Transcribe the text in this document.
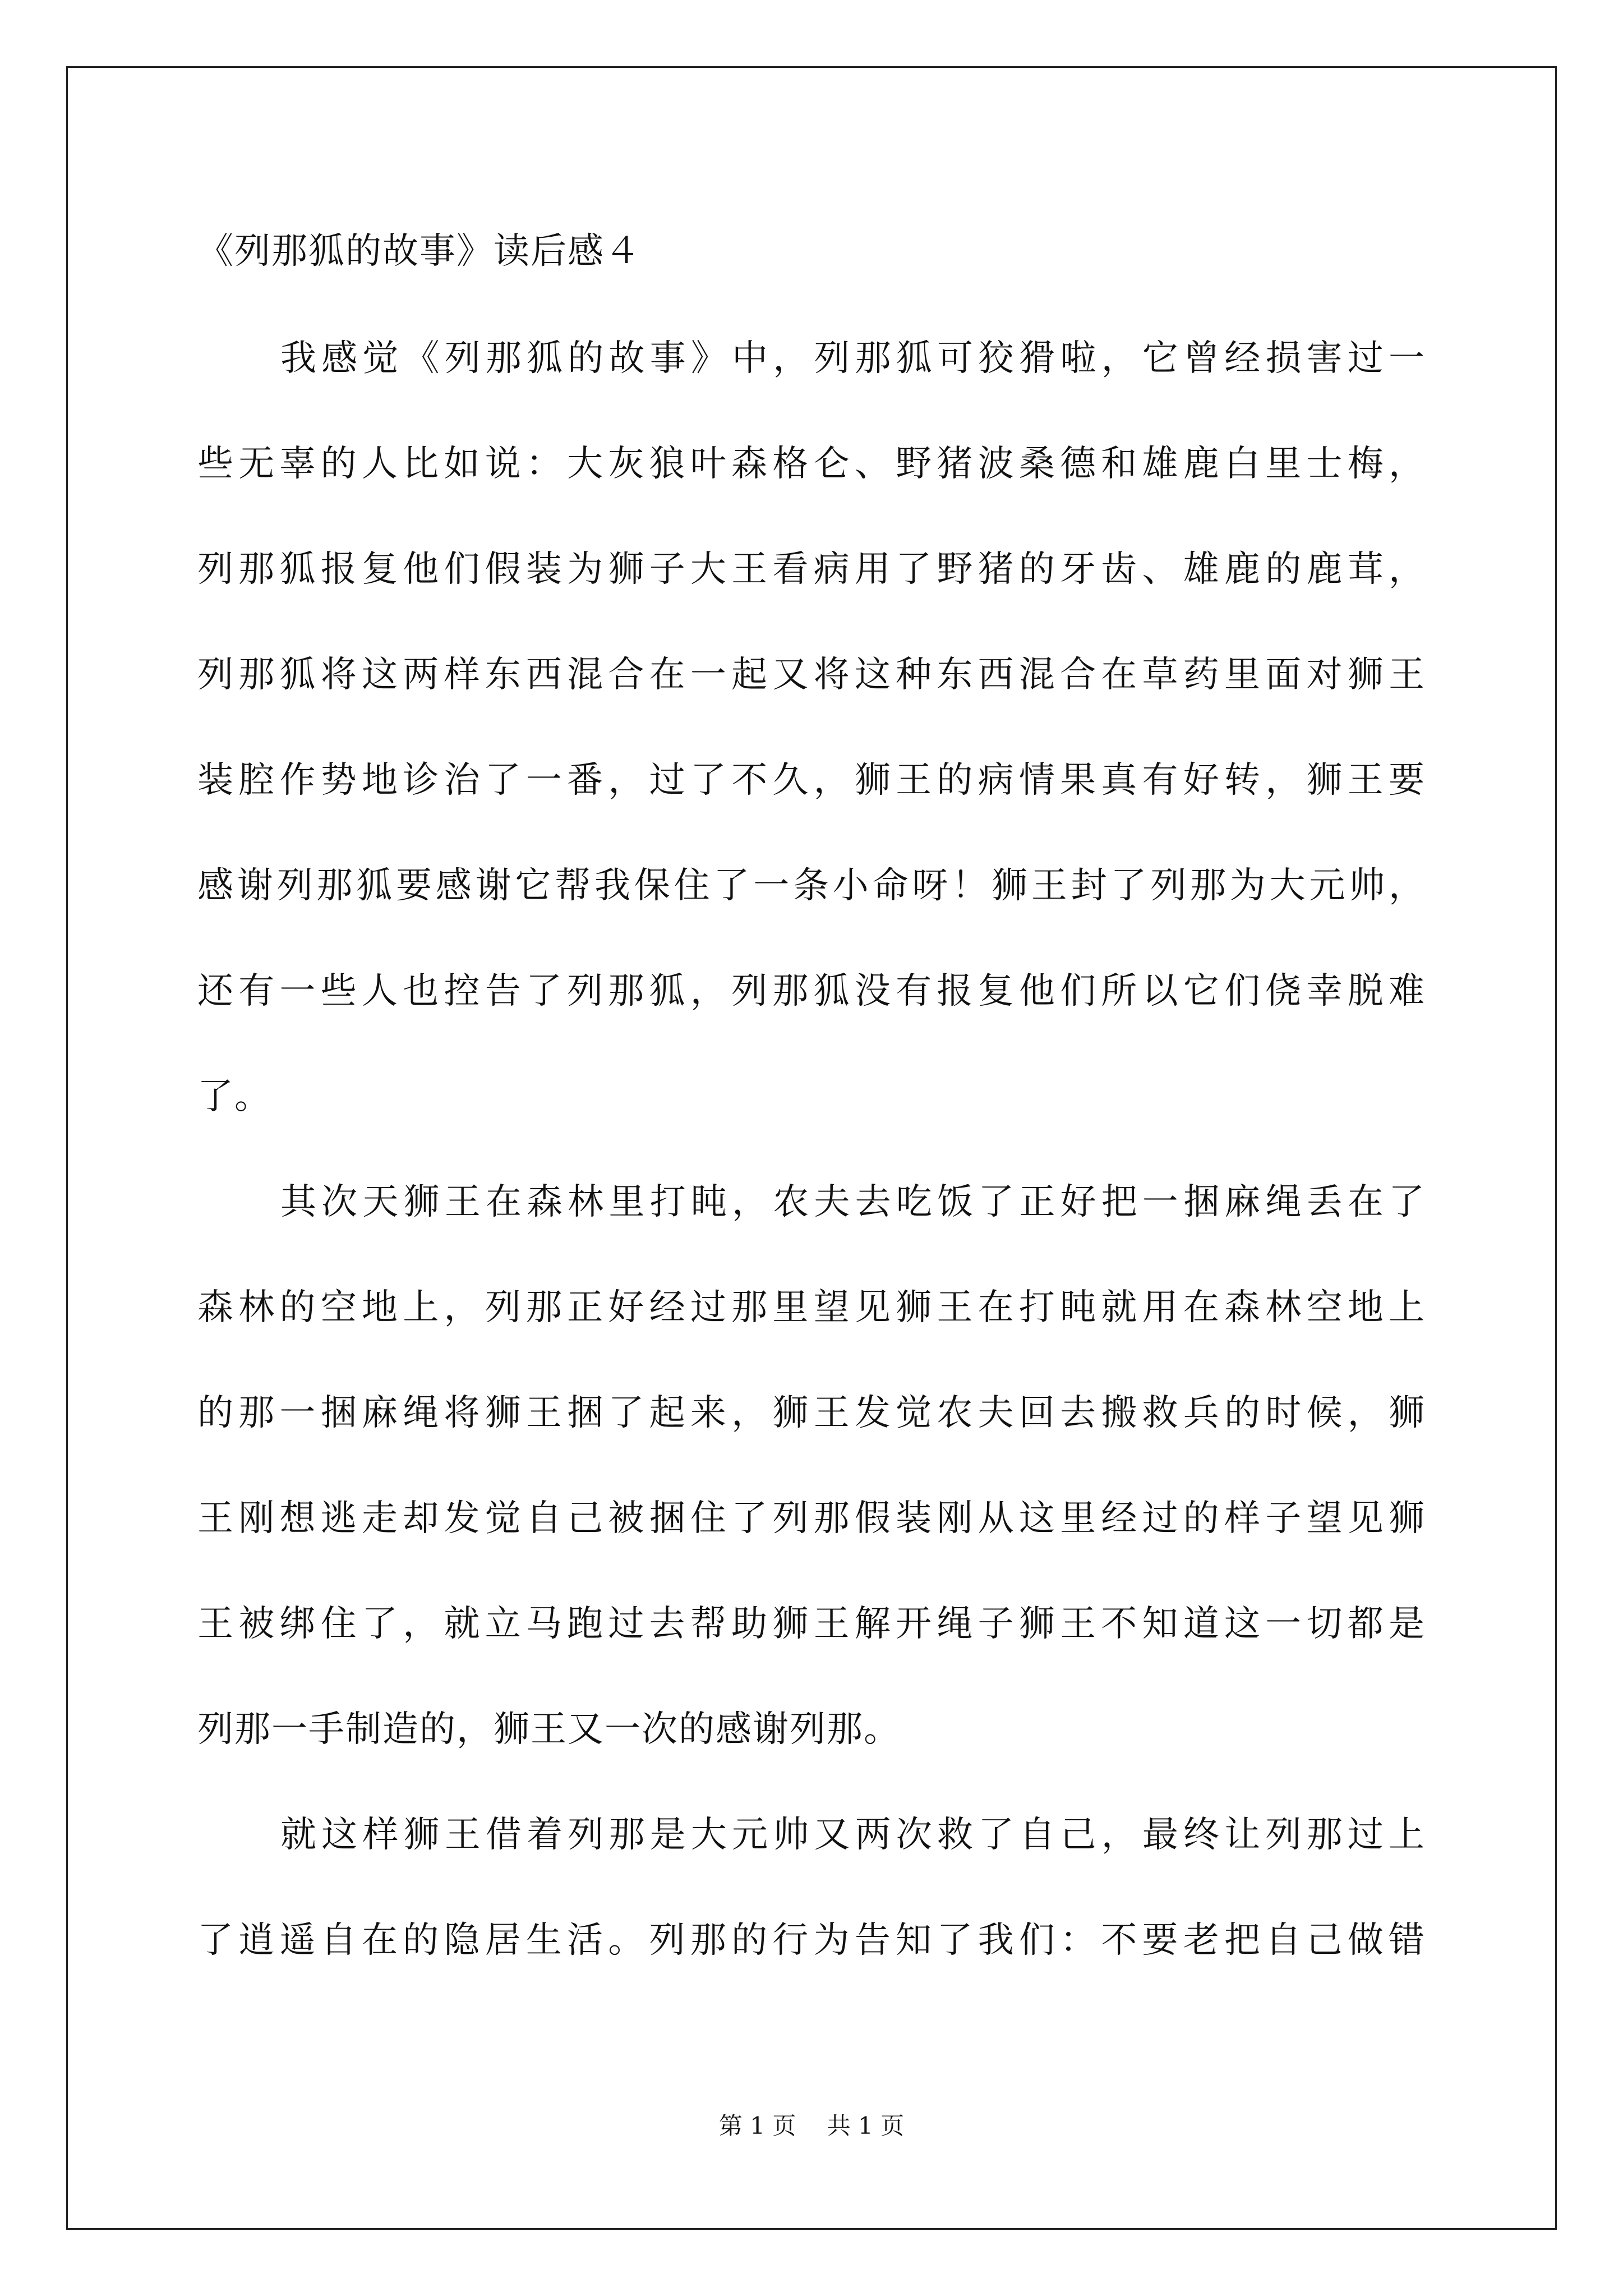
《列那狐的故事》读后感４
我感觉《列那狐的故事》中，列那狐可狡猾啦，它曾经损害过一
些无辜的人比如说：大灰狼叶森格仑、野猪波桑德和雄鹿白里士梅，
列那狐报复他们假装为狮子大王看病用了野猪的牙齿、雄鹿的鹿茸，
列那狐将这两样东西混合在一起又将这种东西混合在草药里面对狮王
装腔作势地诊治了一番，过了不久，狮王的病情果真有好转，狮王要
感谢列那狐要感谢它帮我保住了一条小命呀！狮王封了列那为大元帅，
还有一些人也控告了列那狐，列那狐没有报复他们所以它们侥幸脱难
了。
其次天狮王在森林里打盹，农夫去吃饭了正好把一捆麻绳丢在了
森林的空地上，列那正好经过那里望见狮王在打盹就用在森林空地上
的那一捆麻绳将狮王捆了起来，狮王发觉农夫回去搬救兵的时候，狮
王刚想逃走却发觉自己被捆住了列那假装刚从这里经过的样子望见狮
王被绑住了，就立马跑过去帮助狮王解开绳子狮王不知道这一切都是
列那一手制造的，狮王又一次的感谢列那。
就这样狮王借着列那是大元帅又两次救了自己，最终让列那过上
了逍遥自在的隐居生活。列那的行为告知了我们：不要老把自己做错
第 1 页　 共 1 页
